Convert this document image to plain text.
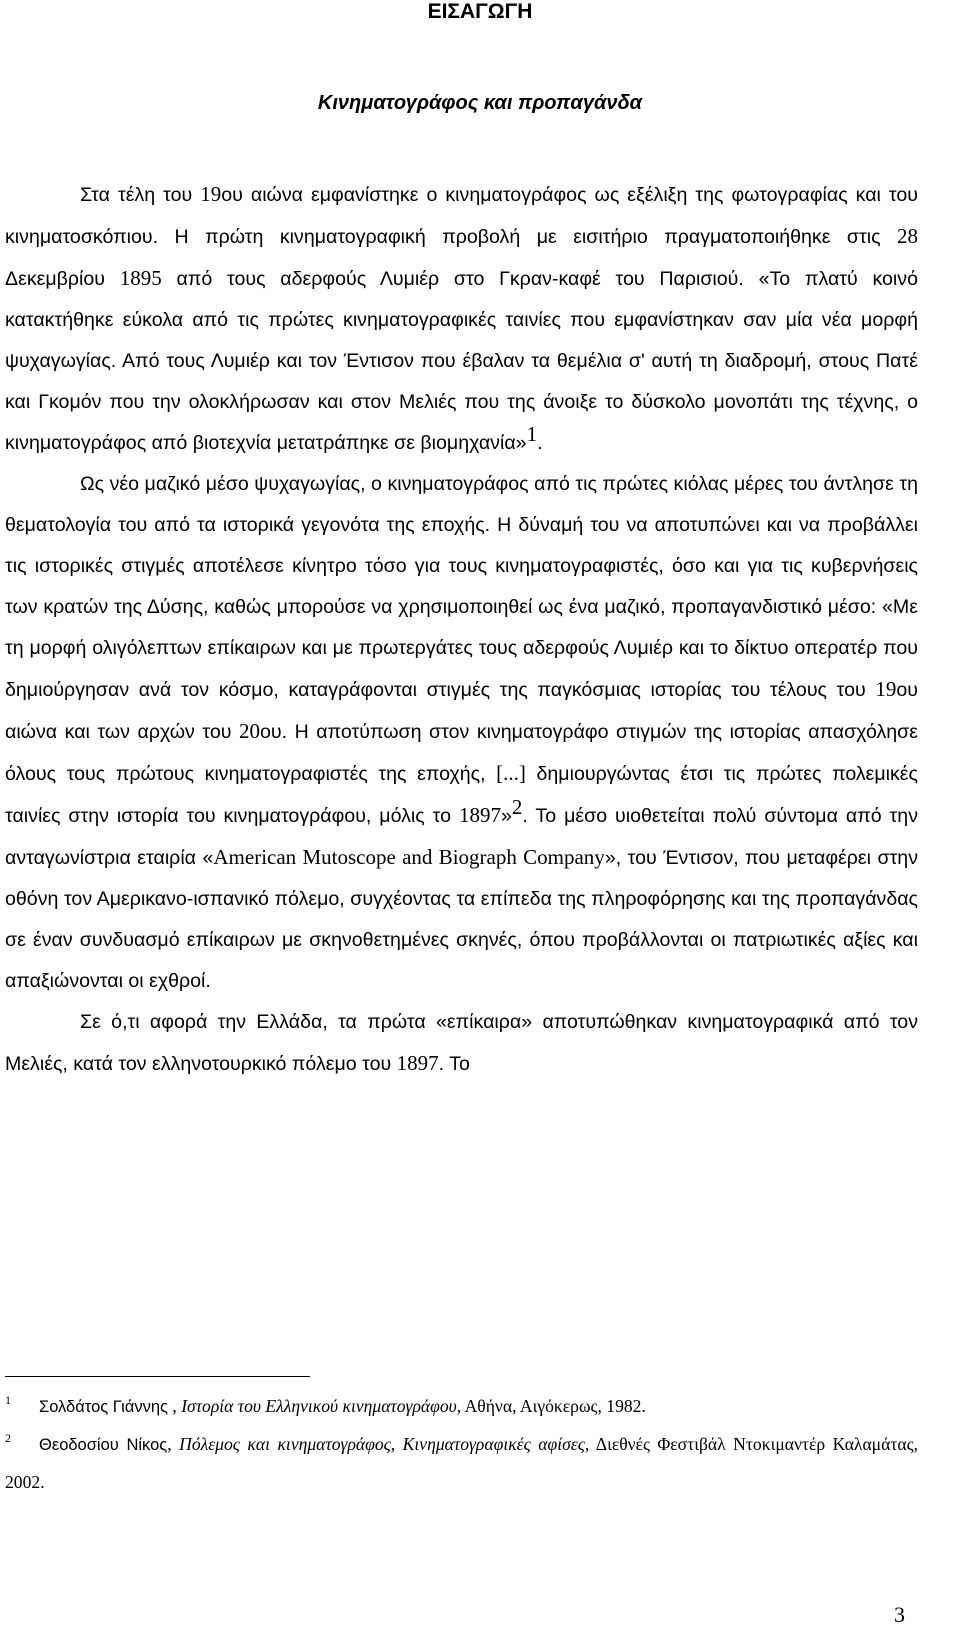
ΕΙΣΑΓΩΓΗ
Κινηματογράφος και προπαγάνδα

Στα τέλη του 19ου αιώνα εμφανίστηκε ο κινηματογράφος ως εξέλιξη της φωτογραφίας και του κινηματοσκόπιου. Η πρώτη κινηματογραφική προβολή με εισιτήριο πραγματοποιήθηκε στις 28 Δεκεμβρίου 1895 από τους αδερφούς Λυμιέρ στο Γκραν-καφέ του Παρισιού. «Το πλατύ κοινό κατακτήθηκε εύκολα από τις πρώτες κινηματογραφικές ταινίες που εμφανίστηκαν σαν μία νέα μορφή ψυχαγωγίας. Από τους Λυμιέρ και τον Έντισον που έβαλαν τα θεμέλια σ' αυτή τη διαδρομή, στους Πατέ και Γκομόν που την ολοκλήρωσαν και στον Μελιές που της άνοιξε το δύσκολο μονοπάτι της τέχνης, ο κινηματογράφος από βιοτεχνία μετατράπηκε σε βιομηχανία»$^1$.

Ως νέο μαζικό μέσο ψυχαγωγίας, ο κινηματογράφος από τις πρώτες κιόλας μέρες του άντλησε τη θεματολογία του από τα ιστορικά γεγονότα της εποχής. Η δύναμή του να αποτυπώνει και να προβάλλει τις ιστορικές στιγμές αποτέλεσε κίνητρο τόσο για τους κινηματογραφιστές, όσο και για τις κυβερνήσεις των κρατών της Δύσης, καθώς μπορούσε να χρησιμοποιηθεί ως ένα μαζικό, προπαγανδιστικό μέσο: «Με τη μορφή ολιγόλεπτων επίκαιρων και με πρωτεργάτες τους αδερφούς Λυμιέρ και το δίκτυο οπερατέρ που δημιούργησαν ανά τον κόσμο, καταγράφονται στιγμές της παγκόσμιας ιστορίας του τέλους του 19ου αιώνα και των αρχών του 20ου. Η αποτύπωση στον κινηματογράφο στιγμών της ιστορίας απασχόλησε όλους τους πρώτους κινηματογραφιστές της εποχής, [...] δημιουργώντας έτσι τις πρώτες πολεμικές ταινίες στην ιστορία του κινηματογράφου, μόλις το 1897»$^2$. Το μέσο υιοθετείται πολύ σύντομα από την ανταγωνίστρια εταιρία «American Mutoscope and Biograph Company», του Έντισον, που μεταφέρει στην οθόνη τον Αμερικανο-ισπανικό πόλεμο, συγχέοντας τα επίπεδα της πληροφόρησης και της προπαγάνδας σε έναν συνδυασμό επίκαιρων με σκηνοθετημένες σκηνές, όπου προβάλλονται οι πατριωτικές αξίες και απαξιώνονται οι εχθροί.

Σε ό,τι αφορά την Ελλάδα, τα πρώτα «επίκαιρα» αποτυπώθηκαν κινηματογραφικά από τον Μελιές, κατά τον ελληνοτουρκικό πόλεμο του 1897. Το

1 Σολδάτος Γιάννης , Ιστορία του Ελληνικού κινηματογράφου, Αθήνα, Αιγόκερως, 1982.

2 Θεοδοσίου Νίκος, Πόλεμος και κινηματογράφος, Κινηματογραφικές αφίσες, Διεθνές Φεστιβάλ Ντοκιμαντέρ Καλαμάτας, 2002.

3
